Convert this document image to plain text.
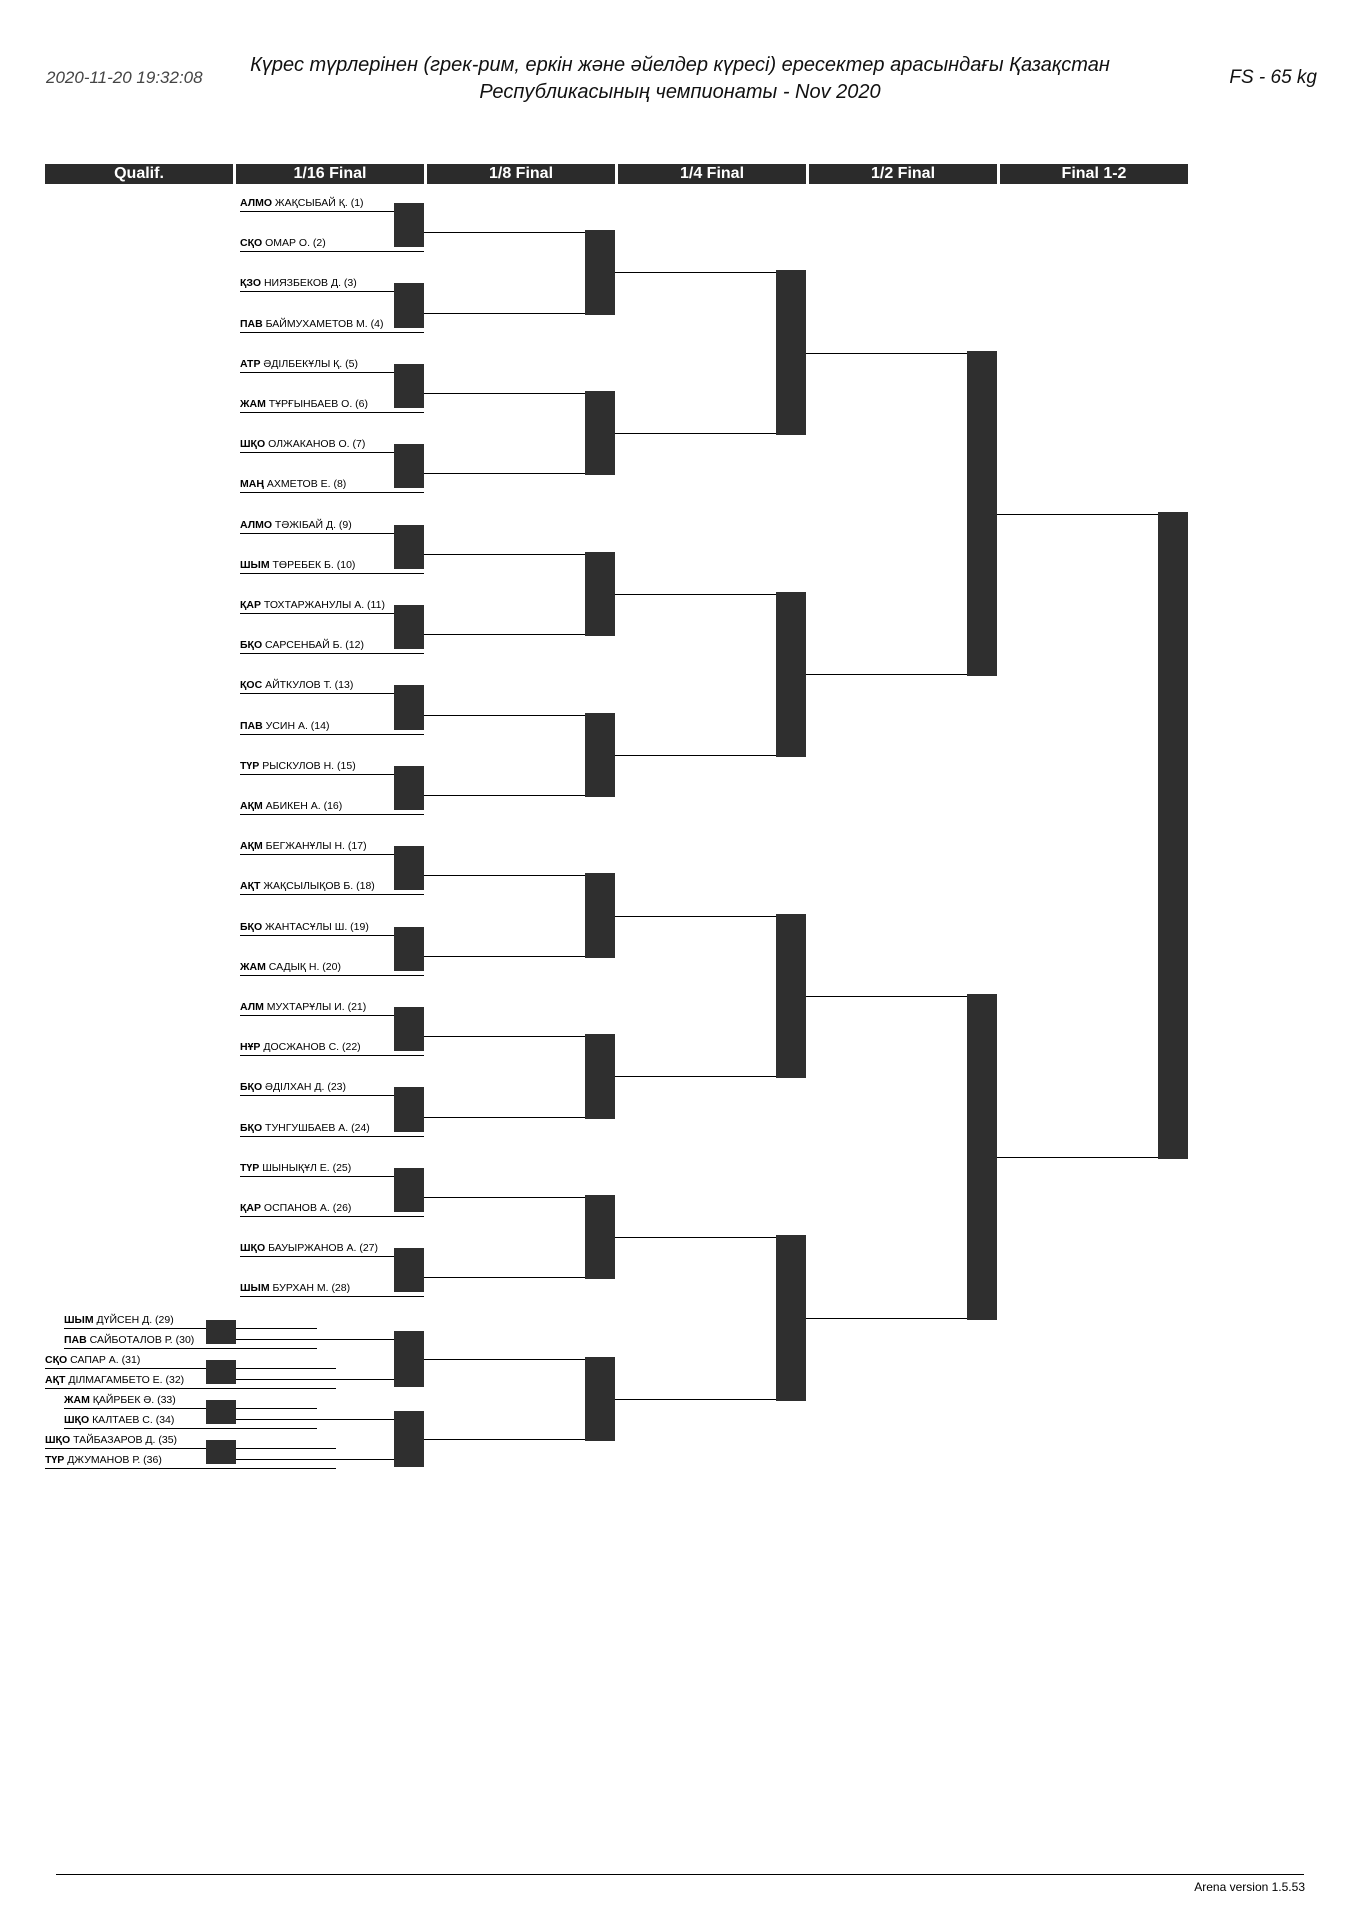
2020-11-20 19:32:08
Күрес түрлерінен (грек-рим, еркін және әйелдер күресі) ересектер арасындағы Қазақстан
Республикасының чемпионаты - Nov 2020
FS - 65 kg
Qualif.	1/16 Final	1/8 Final	1/4 Final	1/2 Final	Final 1-2
АЛМО ЖАҚСЫБАЙ Қ. (1)
СҚО ОМАР О. (2)
ҚЗО НИЯЗБЕКОВ Д. (3)
ПАВ БАЙМУХАМЕТОВ М. (4)
АТР ӘДІЛБЕКҰЛЫ Қ. (5)
ЖАМ ТҰРҒЫНБАЕВ О. (6)
ШҚО ОЛЖАКАНОВ О. (7)
МАҢ АХМЕТОВ Е. (8)
АЛМО ТӘЖІБАЙ Д. (9)
ШЫМ ТӨРЕБЕК Б. (10)
ҚАР ТОХТАРЖАНУЛЫ А. (11)
БҚО САРСЕНБАЙ Б. (12)
ҚОС АЙТКУЛОВ Т. (13)
ПАВ УСИН А. (14)
ТҮР РЫСКУЛОВ Н. (15)
АҚМ АБИКЕН А. (16)
АҚМ БЕГЖАНҰЛЫ Н. (17)
АҚТ ЖАҚСЫЛЫҚОВ Б. (18)
БҚО ЖАНТАСҰЛЫ Ш. (19)
ЖАМ САДЫҚ Н. (20)
АЛМ МУХТАРҰЛЫ И. (21)
НҰР ДОСЖАНОВ С. (22)
БҚО ӘДІЛХАН Д. (23)
БҚО ТУНГУШБАЕВ А. (24)
ТҮР ШЫНЫҚҰЛ Е. (25)
ҚАР ОСПАНОВ А. (26)
ШҚО БАУЫРЖАНОВ А. (27)
ШЫМ БУРХАН М. (28)
ШЫМ ДҮЙСЕН Д. (29)
ПАВ САЙБОТАЛОВ Р. (30)
СҚО САПАР А. (31)
АҚТ ДІЛМАГАМБЕТО Е. (32)
ЖАМ ҚАЙРБЕК Ә. (33)
ШҚО КАЛТАЕВ С. (34)
ШҚО ТАЙБАЗАРОВ Д. (35)
ТҮР ДЖУМАНОВ Р. (36)
Arena version 1.5.53
